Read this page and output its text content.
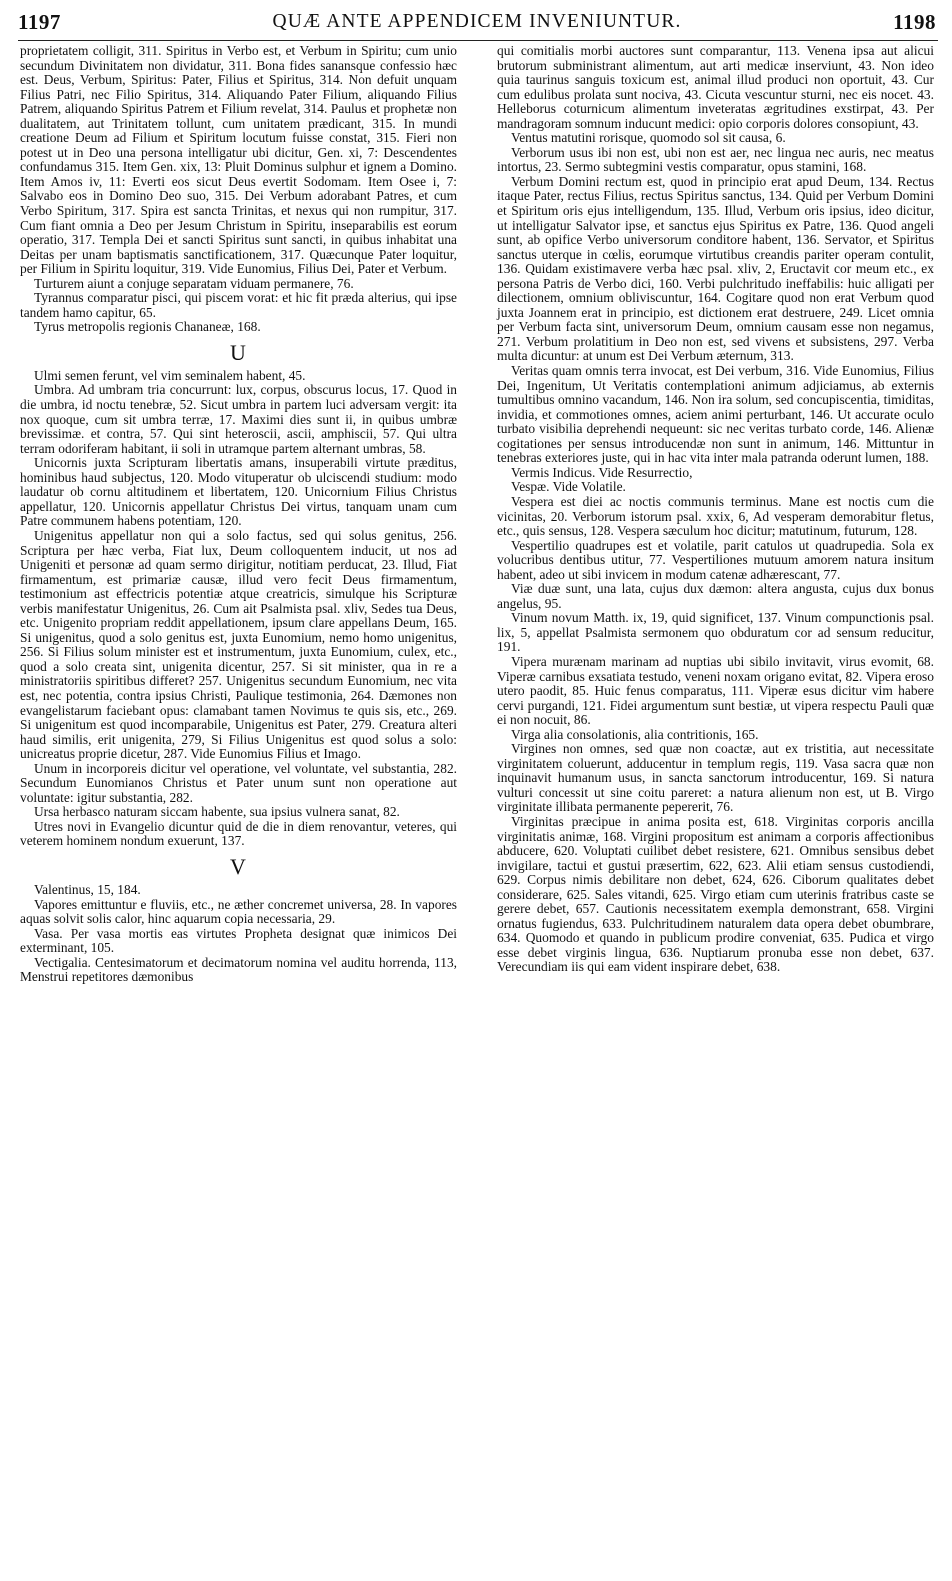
1197	QUÆ ANTE APPENDICEM INVENIUNTUR.	1198

proprietatem colligit, 311. Spiritus in Verbo est, et Verbum in Spiritu; cum unio secundum Divinitatem non dividatur, 311. Bona fides sanansque confessio hæc est. Deus, Verbum, Spiritus: Pater, Filius et Spiritus, 314. Non defuit unquam Filius Patri, nec Filio Spiritus, 314. Aliquando Pater Filium, aliquando Filius Patrem, aliquando Spiritus Patrem et Filium revelat, 314. Paulus et prophetæ non dualitatem, aut Trinitatem tollunt, cum unitatem prædicant, 315. In mundi creatione Deum ad Filium et Spiritum locutum fuisse constat, 315. Fieri non potest ut in Deo una persona intelligatur ubi dicitur, Gen. xi, 7: Descendentes confundamus 315. Item Gen. xix, 13: Pluit Dominus sulphur et ignem a Domino. Item Amos iv, 11: Everti eos sicut Deus evertit Sodomam. Item Osee i, 7: Salvabo eos in Domino Deo suo, 315. Dei Verbum adorabant Patres, et cum Verbo Spiritum, 317. Spira est sancta Trinitas, et nexus qui non rumpitur, 317. Cum fiant omnia a Deo per Jesum Christum in Spiritu, inseparabilis est eorum operatio, 317. Templa Dei et sancti Spiritus sunt sancti, in quibus inhabitat una Deitas per unam baptismatis sanctificationem, 317. Quæcunque Pater loquitur, per Filium in Spiritu loquitur, 319. Vide Eunomius, Filius Dei, Pater et Verbum.

Turturem aiunt a conjuge separatam viduam permanere, 76.

Tyrannus comparatur pisci, qui piscem vorat: et hic fit præda alterius, qui ipse tandem hamo capitur, 65.

Tyrus metropolis regionis Chananeæ, 168.

U

Ulmi semen ferunt, vel vim seminalem habent, 45.

Umbra. Ad umbram tria concurrunt: lux, corpus, obscurus locus, 17. Quod in die umbra, id noctu tenebræ, 52. Sicut umbra in partem luci adversam vergit: ita nox quoque, cum sit umbra terræ, 17. Maximi dies sunt ii, in quibus umbræ brevissimæ. et contra, 57. Qui sint heteroscii, ascii, amphiscii, 57. Qui ultra terram odoriferam habitant, ii soli in utramque partem alternant umbras, 58.

Unicornis juxta Scripturam libertatis amans, insuperabili virtute præditus, hominibus haud subjectus, 120. Modo vituperatur ob ulciscendi studium: modo laudatur ob cornu altitudinem et libertatem, 120. Unicornium Filius Christus appellatur, 120. Unicornis appellatur Christus Dei virtus, tanquam unam cum Patre communem habens potentiam, 120.

Unigenitus appellatur non qui a solo factus, sed qui solus genitus, 256. Scriptura per hæc verba, Fiat lux, Deum colloquentem inducit, ut nos ad Unigeniti et personæ ad quam sermo dirigitur, notitiam perducat, 23. Illud, Fiat firmamentum, est primariæ causæ, illud vero fecit Deus firmamentum, testimonium ast effectricis potentiæ atque creatricis, simulque his Scripturæ verbis manifestatur Unigenitus, 26. Cum ait Psalmista psal. xliv, Sedes tua Deus, etc. Unigenito propriam reddit appellationem, ipsum clare appellans Deum, 165. Si unigenitus, quod a solo genitus est, juxta Eunomium, nemo homo unigenitus, 256. Si Filius solum minister est et instrumentum, juxta Eunomium, culex, etc., quod a solo creata sint, unigenita dicentur, 257. Si sit minister, qua in re a ministratoriis spiritibus differet? 257. Unigenitus secundum Eunomium, nec vita est, nec potentia, contra ipsius Christi, Paulique testimonia, 264. Dæmones non evangelistarum faciebant opus: clamabant tamen Novimus te quis sis, etc., 269. Si unigenitum est quod incomparabile, Unigenitus est Pater, 279. Creatura alteri haud similis, erit unigenita, 279, Si Filius Unigenitus est quod solus a solo: unicreatus proprie dicetur, 287. Vide Eunomius Filius et Imago.

Unum in incorporeis dicitur vel operatione, vel voluntate, vel substantia, 282. Secundum Eunomianos Christus et Pater unum sunt non operatione aut voluntate: igitur substantia, 282.

Ursa herbasco naturam siccam habente, sua ipsius vulnera sanat, 82.

Utres novi in Evangelio dicuntur quid de die in diem renovantur, veteres, qui veterem hominem nondum exuerunt, 137.

V

Valentinus, 15, 184.

Vapores emittuntur e fluviis, etc., ne æther concremet universa, 28. In vapores aquas solvit solis calor, hinc aquarum copia necessaria, 29.

Vasa. Per vasa mortis eas virtutes Propheta designat quæ inimicos Dei exterminant, 105.

Vectigalia. Centesimatorum et decimatorum nomina vel auditu horrenda, 113, Menstrui repetitores dæmonibus

qui comitialis morbi auctores sunt comparantur, 113. Venena ipsa aut alicui brutorum subministrant alimentum, aut arti medicæ inserviunt, 43. Non ideo quia taurinus sanguis toxicum est, animal illud produci non oportuit, 43. Cur cum edulibus prolata sunt nociva, 43. Cicuta vescuntur sturni, nec eis nocet. 43. Helleborus coturnicum alimentum inveteratas ægritudines exstirpat, 43. Per mandragoram somnum inducunt medici: opio corporis dolores consopiunt, 43.

Ventus matutini rorisque, quomodo sol sit causa, 6.

Verborum usus ibi non est, ubi non est aer, nec lingua nec auris, nec meatus intortus, 23. Sermo subtegmini vestis comparatur, opus stamini, 168.

Verbum Domini rectum est, quod in principio erat apud Deum, 134. Rectus itaque Pater, rectus Filius, rectus Spiritus sanctus, 134. Quid per Verbum Domini et Spiritum oris ejus intelligendum, 135. Illud, Verbum oris ipsius, ideo dicitur, ut intelligatur Salvator ipse, et sanctus ejus Spiritus ex Patre, 136. Quod angeli sunt, ab opifice Verbo universorum conditore habent, 136. Servator, et Spiritus sanctus uterque in cœlis, eorumque virtutibus creandis pariter operam contulit, 136. Quidam existimavere verba hæc psal. xliv, 2, Eructavit cor meum etc., ex persona Patris de Verbo dici, 160. Verbi pulchritudo ineffabilis: huic alligati per dilectionem, omnium obliviscuntur, 164. Cogitare quod non erat Verbum quod juxta Joannem erat in principio, est dictionem erat destruere, 249. Licet omnia per Verbum facta sint, universorum Deum, omnium causam esse non negamus, 271. Verbum prolatitium in Deo non est, sed vivens et subsistens, 297. Verba multa dicuntur: at unum est Dei Verbum æternum, 313.

Veritas quam omnis terra invocat, est Dei verbum, 316. Vide Eunomius, Filius Dei, Ingenitum, Ut Veritatis contemplationi animum adjiciamus, ab externis tumultibus omnino vacandum, 146. Non ira solum, sed concupiscentia, timiditas, invidia, et commotiones omnes, aciem animi perturbant, 146. Ut accurate oculo turbato visibilia deprehendi nequeunt: sic nec veritas turbato corde, 146. Alienæ cogitationes per sensus introducendæ non sunt in animum, 146. Mittuntur in tenebras exteriores juste, qui in hac vita inter mala patranda oderunt lumen, 188.

Vermis Indicus. Vide Resurrectio,

Vespæ. Vide Volatile.

Vespera est diei ac noctis communis terminus. Mane est noctis cum die vicinitas, 20. Verborum istorum psal. xxix, 6, Ad vesperam demorabitur fletus, etc., quis sensus, 128. Vespera sæculum hoc dicitur; matutinum, futurum, 128.

Vespertilio quadrupes est et volatile, parit catulos ut quadrupedia. Sola ex volucribus dentibus utitur, 77. Vespertiliones mutuum amorem natura insitum habent, adeo ut sibi invicem in modum catenæ adhærescant, 77.

Viæ duæ sunt, una lata, cujus dux dæmon: altera angusta, cujus dux bonus angelus, 95.

Vinum novum Matth. ix, 19, quid significet, 137. Vinum compunctionis psal. lix, 5, appellat Psalmista sermonem quo obduratum cor ad sensum reducitur, 191.

Vipera murænam marinam ad nuptias ubi sibilo invitavit, virus evomit, 68. Viperæ carnibus exsatiata testudo, veneni noxam origano evitat, 82. Vipera eroso utero paodit, 85. Huic fenus comparatus, 111. Viperæ esus dicitur vim habere cervi purgandi, 121. Fidei argumentum sunt bestiæ, ut vipera respectu Pauli quæ ei non nocuit, 86.

Virga alia consolationis, alia contritionis, 165.

Virgines non omnes, sed quæ non coactæ, aut ex tristitia, aut necessitate virginitatem coluerunt, adducentur in templum regis, 119. Vasa sacra quæ non inquinavit humanum usus, in sancta sanctorum introducentur, 169. Si natura vulturi concessit ut sine coitu pareret: a natura alienum non est, ut B. Virgo virginitate illibata permanente pepererit, 76.

Virginitas præcipue in anima posita est, 618. Virginitas corporis ancilla virginitatis animæ, 168. Virgini propositum est animam a corporis affectionibus abducere, 620. Voluptati cuilibet debet resistere, 621. Omnibus sensibus debet invigilare, tactui et gustui præsertim, 622, 623. Alii etiam sensus custodiendi, 629. Corpus nimis debilitare non debet, 624, 626. Ciborum qualitates debet considerare, 625. Sales vitandi, 625. Virgo etiam cum uterinis fratribus caste se gerere debet, 657. Cautionis necessitatem exempla demonstrant, 658. Virgini ornatus fugiendus, 633. Pulchritudinem naturalem data opera debet obumbrare, 634. Quomodo et quando in publicum prodire conveniat, 635. Pudica et virgo esse debet virginis lingua, 636. Nuptiarum pronuba esse non debet, 637. Verecundiam iis qui eam vident inspirare debet, 638.
